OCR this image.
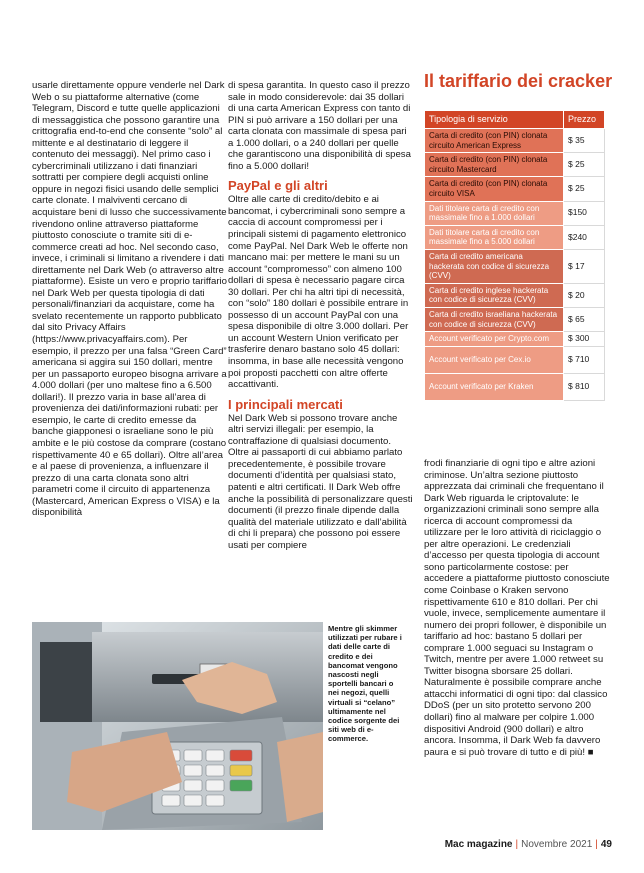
usarle direttamente oppure venderle nel Dark Web o su piattaforme alternative (come Telegram, Discord e tutte quelle applicazioni di messaggistica che possono garantire una crittografia end-to-end che consente “solo” al mittente e al destinatario di leggere il contenuto dei messaggi). Nel primo caso i cybercriminali utilizzano i dati finanziari sottratti per compiere degli acquisti online oppure in negozi fisici usando delle semplici carte clonate. I malviventi cercano di acquistare beni di lusso che successivamente rivendono online attraverso piattaforme piuttosto conosciute o tramite siti di e-commerce creati ad hoc. Nel secondo caso, invece, i criminali si limitano a rivendere i dati direttamente nel Dark Web (o attraverso altre piattaforme). Esiste un vero e proprio tariffario nel Dark Web per questa tipologia di dati personali/finanziari da acquistare, come ha svelato recentemente un rapporto pubblicato dal sito Privacy Affairs (https://www.privacyaffairs.com). Per esempio, il prezzo per una falsa “Green Card” americana si aggira sui 150 dollari, mentre per un passaporto europeo bisogna arrivare a 4.000 dollari (per uno maltese fino a 6.500 dollari!). Il prezzo varia in base all’area di provenienza dei dati/informazioni rubati: per esempio, le carte di credito emesse da banche giapponesi o israeliane sono le più ambite e le più costose da comprare (costano rispettivamente 40 e 65 dollari). Oltre all’area e al paese di provenienza, a influenzare il prezzo di una carta clonata sono altri parametri come il circuito di appartenenza (Mastercard, American Express o VISA) e la disponibilità

di spesa garantita. In questo caso il prezzo sale in modo considerevole: dai 35 dollari di una carta American Express con tanto di PIN si può arrivare a 150 dollari per una carta clonata con massimale di spesa pari a 1.000 dollari, o a 240 dollari per quelle che garantiscono una disponibilità di spesa fino a 5.000 dollari!

PayPal e gli altri

Oltre alle carte di credito/debito e ai bancomat, i cybercriminali sono sempre a caccia di account compromessi per i principali sistemi di pagamento elettronico come PayPal. Nel Dark Web le offerte non mancano mai: per mettere le mani su un account “compromesso” con almeno 100 dollari di spesa è necessario pagare circa 30 dollari. Per chi ha altri tipi di necessità, con “solo” 180 dollari è possibile entrare in possesso di un account PayPal con una spesa disponibile di oltre 3.000 dollari. Per un account Western Union verificato per trasferire denaro bastano solo 45 dollari: insomma, in base alle necessità vengono poi proposti pacchetti con altre offerte accattivanti.

I principali mercati

Nel Dark Web si possono trovare anche altri servizi illegali: per esempio, la contraffazione di qualsiasi documento. Oltre ai passaporti di cui abbiamo parlato precedentemente, è possibile trovare documenti d’identità per qualsiasi stato, patenti e altri certificati. Il Dark Web offre anche la possibilità di personalizzare questi documenti (il prezzo finale dipende dalla qualità del materiale utilizzato e dall’abilità di chi li prepara) che possono poi essere usati per compiere

Il tariffario dei cracker
Tipologia di servizio	Prezzo
Carta di credito (con PIN) clonata circuito American Express	$ 35
Carta di credito (con PIN) clonata circuito Mastercard	$ 25
Carta di credito (con PIN) clonata circuito VISA	$ 25
Dati titolare carta di credito con massimale fino a 1.000 dollari	$150
Dati titolare carta di credito con massimale fino a 5.000 dollari	$240
Carta di credito americana hackerata con codice di sicurezza (CVV)	$ 17
Carta di credito inglese hackerata con codice di sicurezza (CVV)	$ 20
Carta di credito israeliana hackerata con codice di sicurezza (CVV)	$ 65
Account verificato per Crypto.com	$ 300
Account verificato per Cex.io	$ 710
Account verificato per Kraken	$ 810

frodi finanziarie di ogni tipo e altre azioni criminose. Un’altra sezione piuttosto apprezzata dai criminali che frequentano il Dark Web riguarda le criptovalute: le organizzazioni criminali sono sempre alla ricerca di account compromessi da utilizzare per le loro attività di riciclaggio o per altre operazioni. Le credenziali d’accesso per questa tipologia di account sono particolarmente costose: per accedere a piattaforme piuttosto conosciute come Coinbase o Kraken servono rispettivamente 610 e 810 dollari. Per chi vuole, invece, semplicemente aumentare il numero dei propri follower, è disponibile un tariffario ad hoc: bastano 5 dollari per comprare 1.000 seguaci su Instagram o Twitch, mentre per avere 1.000 retweet su Twitter bisogna sborsare 25 dollari. Naturalmente è possibile comprare anche attacchi informatici di ogni tipo: dal classico DDoS (per un sito protetto servono 200 dollari) fino al malware per colpire 1.000 dispositivi Android (900 dollari) e altro ancora. Insomma, il Dark Web fa davvero paura e si può trovare di tutto e di più! ■

Mentre gli skimmer utilizzati per rubare i dati delle carte di credito e dei bancomat vengono nascosti negli sportelli bancari o nei negozi, quelli virtuali si “celano” ultimamente nel codice sorgente dei siti web di e-commerce.
Mac magazine | Novembre 2021 | 49
